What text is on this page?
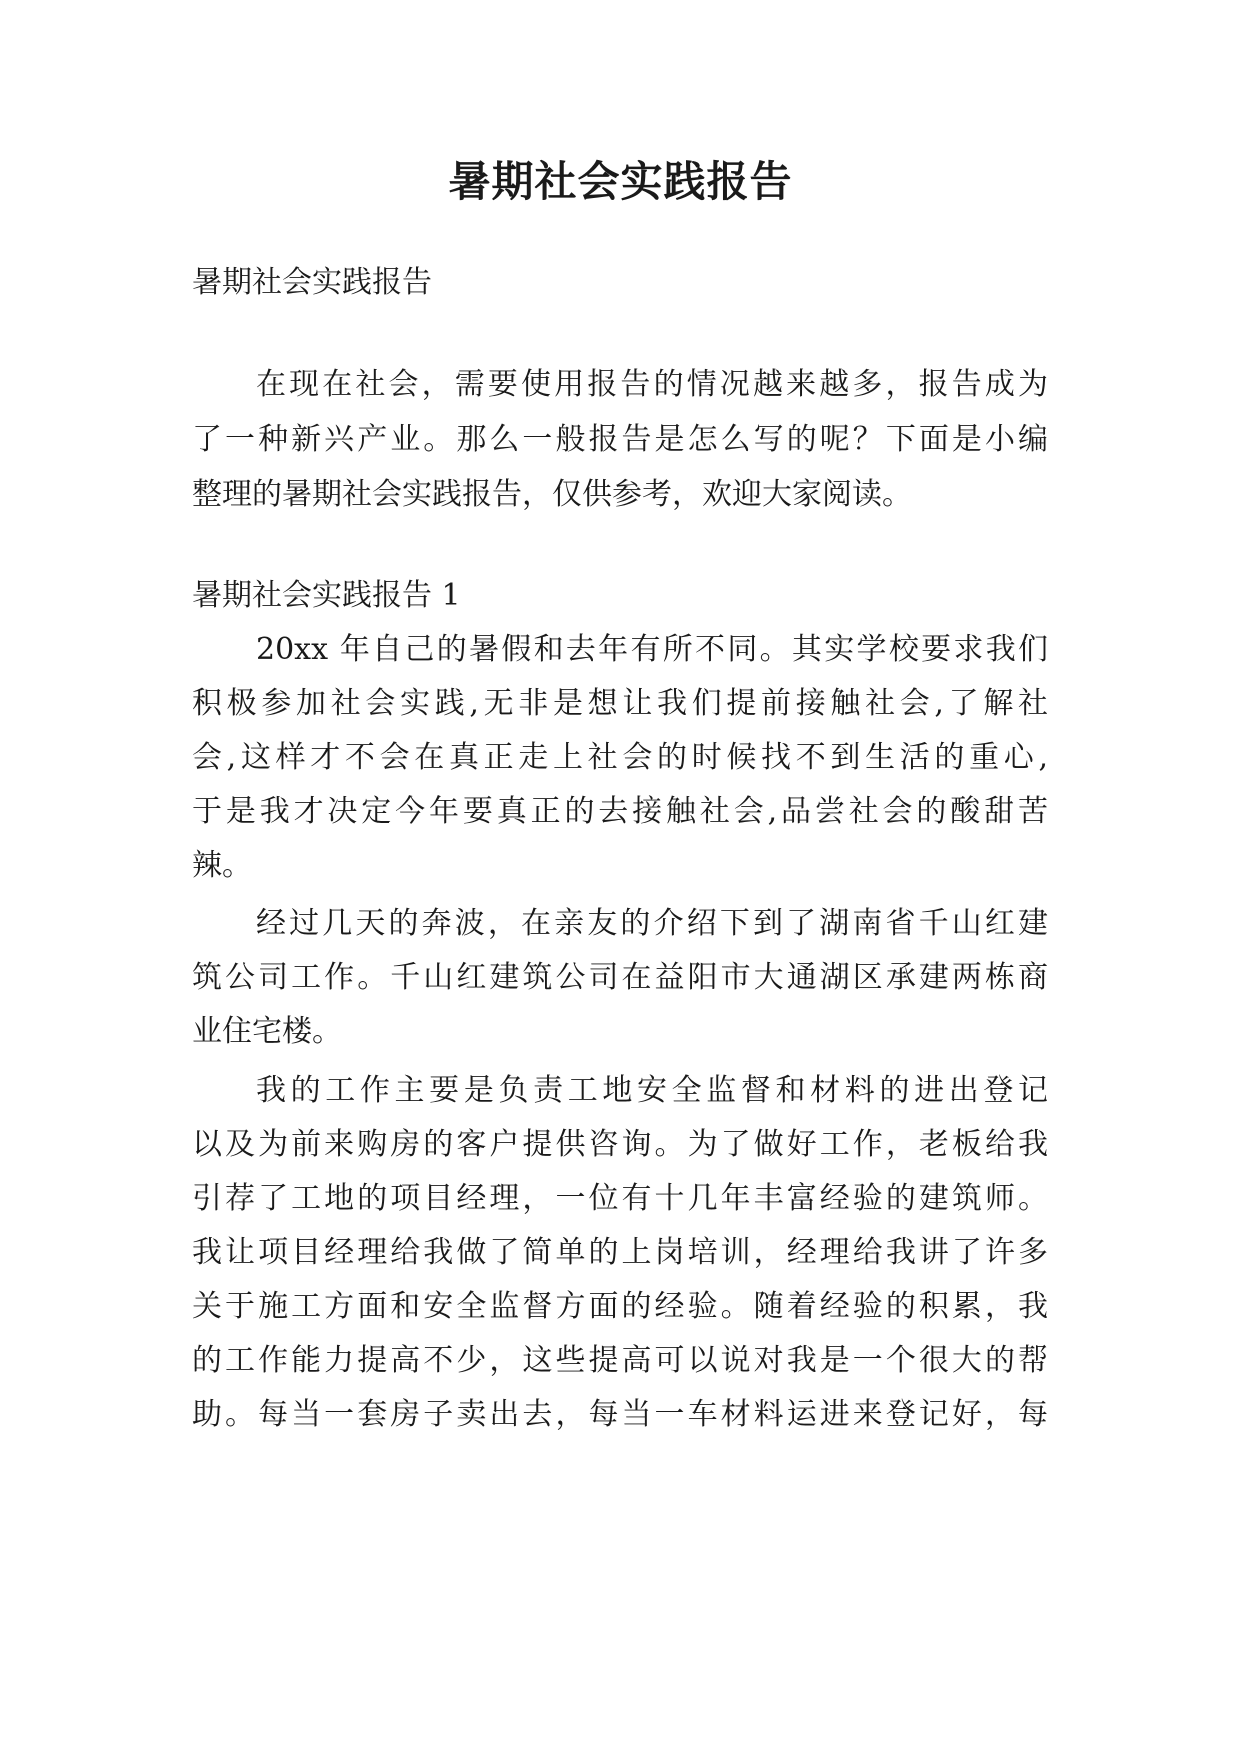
暑期社会实践报告
暑期社会实践报告
在现在社会，需要使用报告的情况越来越多，报告成为
了一种新兴产业。那么一般报告是怎么写的呢？下面是小编
整理的暑期社会实践报告，仅供参考，欢迎大家阅读。
暑期社会实践报告 1
20xx 年自己的暑假和去年有所不同。其实学校要求我们
积极参加社会实践,无非是想让我们提前接触社会,了解社
会,这样才不会在真正走上社会的时候找不到生活的重心,
于是我才决定今年要真正的去接触社会,品尝社会的酸甜苦
辣。
经过几天的奔波，在亲友的介绍下到了湖南省千山红建
筑公司工作。千山红建筑公司在益阳市大通湖区承建两栋商
业住宅楼。
我的工作主要是负责工地安全监督和材料的进出登记
以及为前来购房的客户提供咨询。为了做好工作，老板给我
引荐了工地的项目经理，一位有十几年丰富经验的建筑师。
我让项目经理给我做了简单的上岗培训，经理给我讲了许多
关于施工方面和安全监督方面的经验。随着经验的积累，我
的工作能力提高不少，这些提高可以说对我是一个很大的帮
助。每当一套房子卖出去，每当一车材料运进来登记好，每
